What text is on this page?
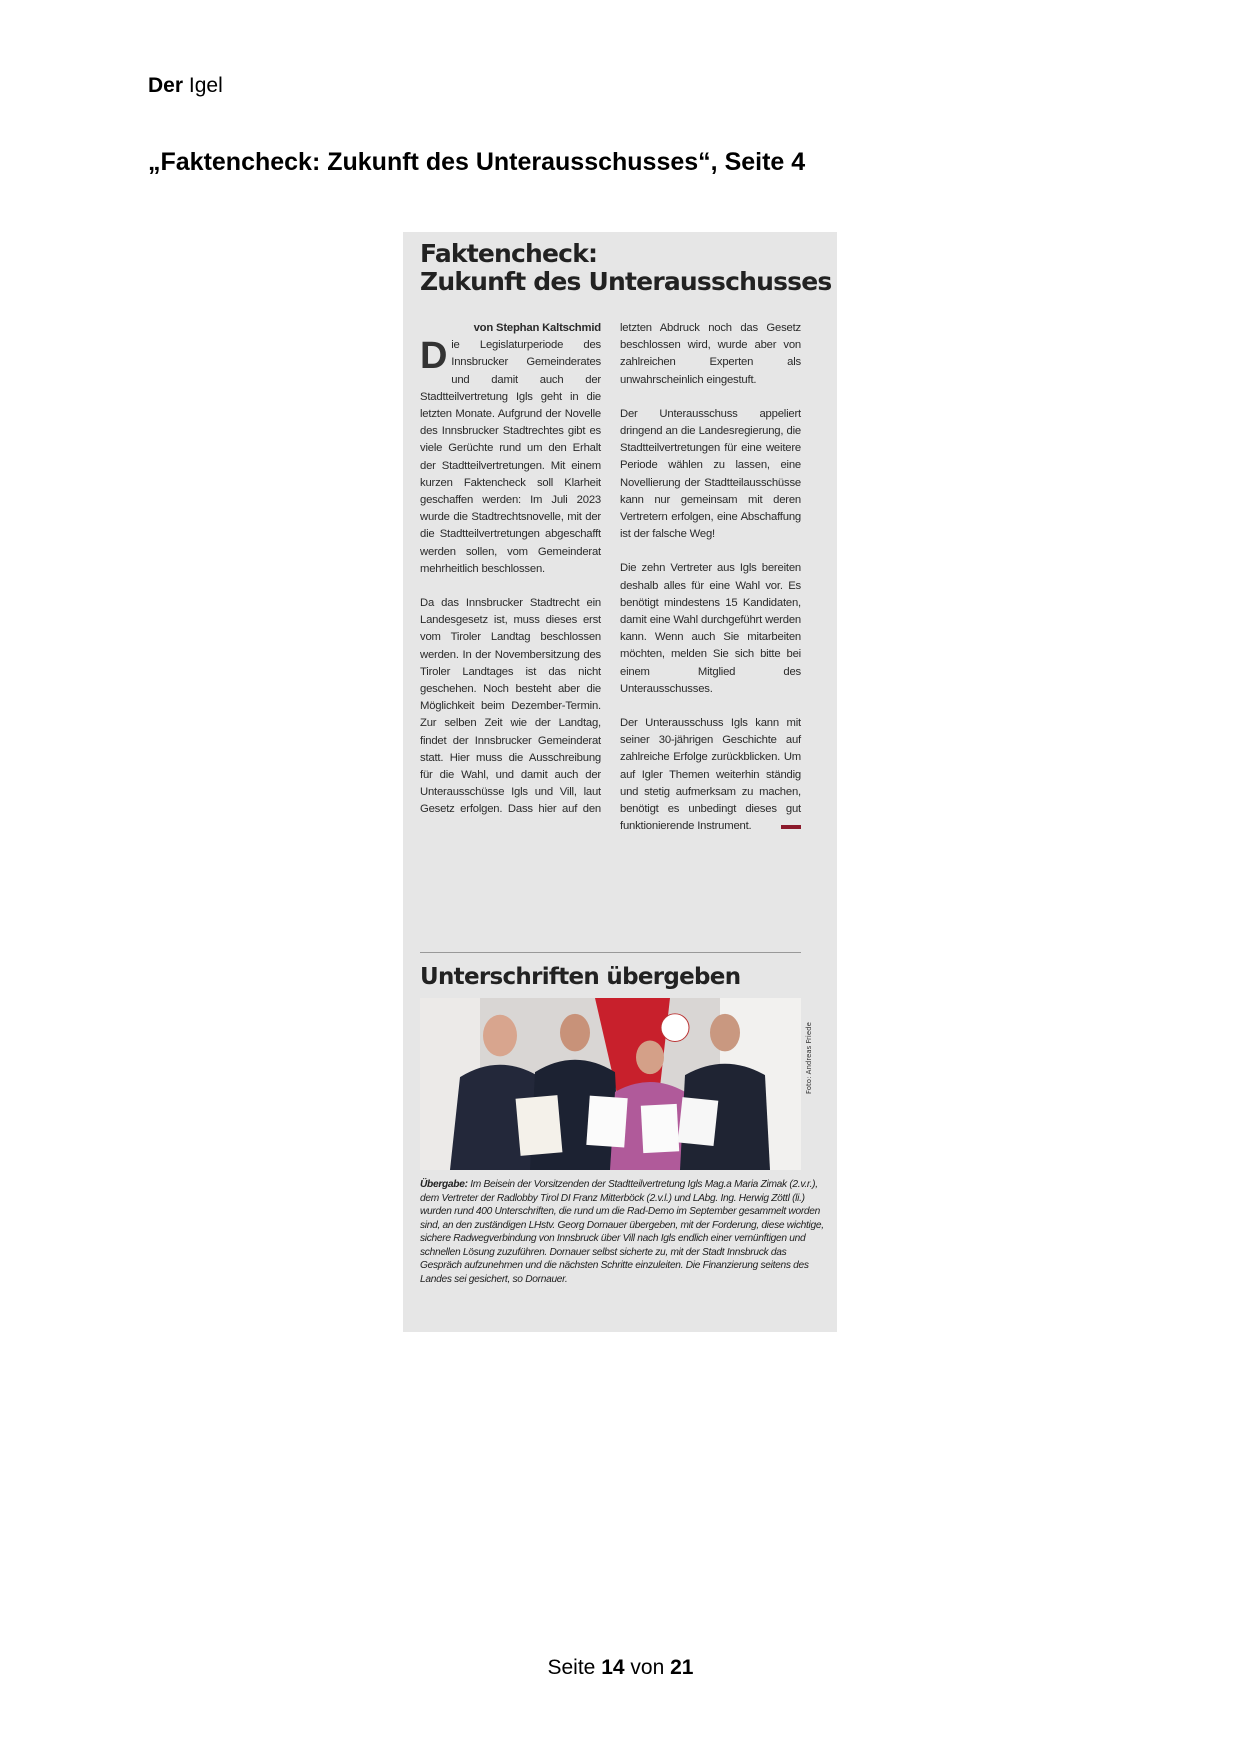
Der Igel
„Faktencheck: Zukunft des Unterausschusses“, Seite 4
Faktencheck:
Zukunft des Unterausschusses
von Stephan Kaltschmid
D ie Legislaturperiode des Innsbrucker Gemeinderates und damit auch der Stadtteilvertretung Igls geht in die letzten Monate. Aufgrund der Novelle des Innsbrucker Stadtrechtes gibt es viele Gerüchte rund um den Erhalt der Stadtteilvertretungen. Mit einem kurzen Faktencheck soll Klarheit geschaffen werden: Im Juli 2023 wurde die Stadtrechtsnovelle, mit der die Stadtteilvertretungen abgeschafft werden sollen, vom Gemeinderat mehrheitlich beschlossen.

Da das Innsbrucker Stadtrecht ein Landesgesetz ist, muss dieses erst vom Tiroler Landtag beschlossen werden. In der Novembersitzung des Tiroler Landtages ist das nicht geschehen. Noch besteht aber die Möglichkeit beim Dezember-Termin. Zur selben Zeit wie der Landtag, findet der Innsbrucker Gemeinderat statt. Hier muss die Ausschreibung für die Wahl, und damit auch der Unterausschüsse Igls und Vill, laut Gesetz erfolgen. Dass hier auf den letzten Abdruck noch das Gesetz beschlossen wird, wurde aber von zahlreichen Experten als unwahrscheinlich eingestuft.

Der Unterausschuss appeliert dringend an die Landesregierung, die Stadtteilvertretungen für eine weitere Periode wählen zu lassen, eine Novellierung der Stadtteilausschüsse kann nur gemeinsam mit deren Vertretern erfolgen, eine Abschaffung ist der falsche Weg!

Die zehn Vertreter aus Igls bereiten deshalb alles für eine Wahl vor. Es benötigt mindestens 15 Kandidaten, damit eine Wahl durchgeführt werden kann. Wenn auch Sie mitarbeiten möchten, melden Sie sich bitte bei einem Mitglied des Unterausschusses.

Der Unterausschuss Igls kann mit seiner 30-jährigen Geschichte auf zahlreiche Erfolge zurückblicken. Um auf Igler Themen weiterhin ständig und stetig aufmerksam zu machen, benötigt es unbedingt dieses gut funktionierende Instrument.

Unterschriften übergeben
Foto: Andreas Friede
Übergabe: Im Beisein der Vorsitzenden der Stadtteilvertretung Igls Mag.a Maria Zimak (2.v.r.), dem Vertreter der Radlobby Tirol DI Franz Mitterböck (2.v.l.) und LAbg. Ing. Herwig Zöttl (li.) wurden rund 400 Unterschriften, die rund um die Rad-Demo im September gesammelt worden sind, an den zuständigen LHstv. Georg Dornauer übergeben, mit der Forderung, diese wichtige, sichere Radwegverbindung von Innsbruck über Vill nach Igls endlich einer vernünftigen und schnellen Lösung zuzuführen. Dornauer selbst sicherte zu, mit der Stadt Innsbruck das Gespräch aufzunehmen und die nächsten Schritte einzuleiten. Die Finanzierung seitens des Landes sei gesichert, so Dornauer.
Seite 14 von 21
